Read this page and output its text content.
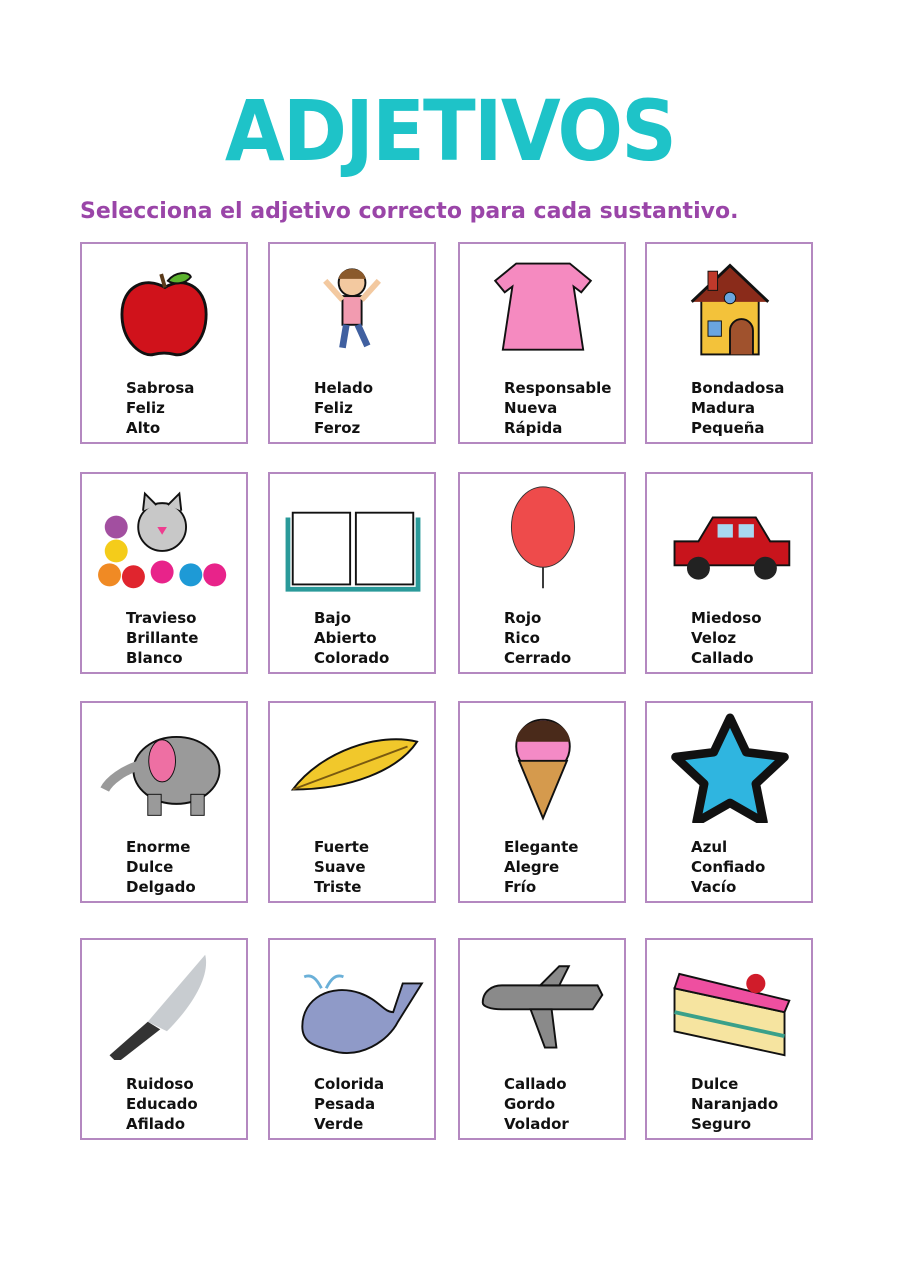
ADJETIVOS
Selecciona el adjetivo correcto para cada sustantivo.
Sabrosa
Feliz
Alto
Helado
Feliz
Feroz
Responsable
Nueva
Rápida
Bondadosa
Madura
Pequeña
Travieso
Brillante
Blanco
Bajo
Abierto
Colorado
Rojo
Rico
Cerrado
Miedoso
Veloz
Callado
Enorme
Dulce
Delgado
Fuerte
Suave
Triste
Elegante
Alegre
Frío
Azul
Confiado
Vacío
Ruidoso
Educado
Afilado
Colorida
Pesada
Verde
Callado
Gordo
Volador
Dulce
Naranjado
Seguro
